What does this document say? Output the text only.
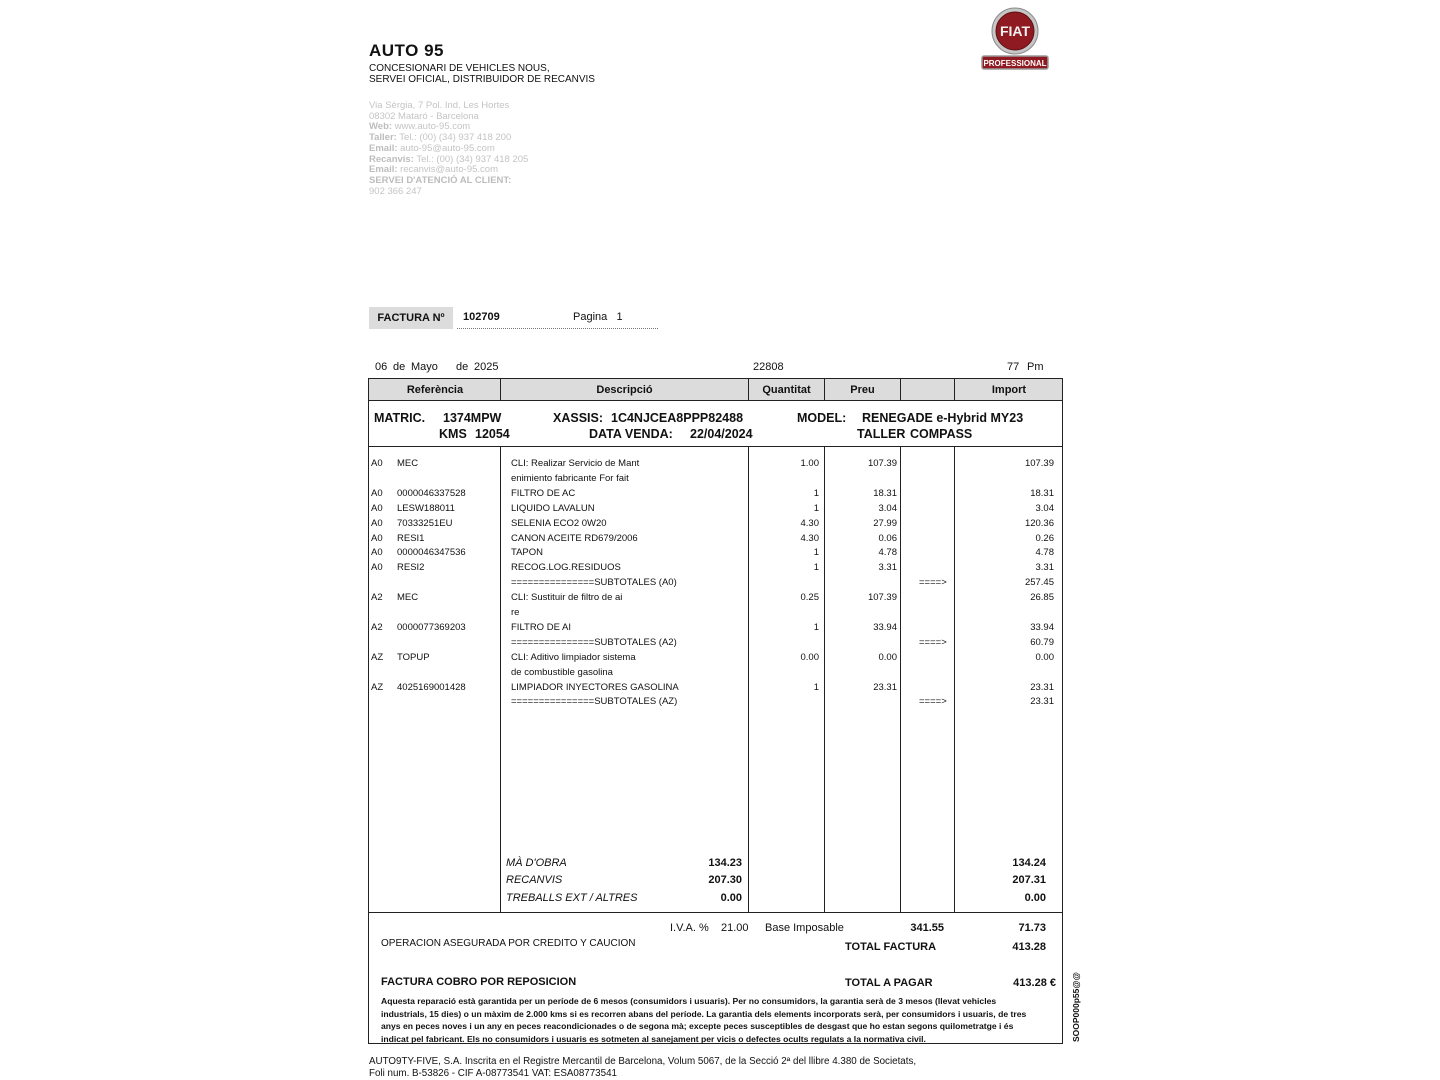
AUTO 95
CONCESIONARI DE VEHICLES NOUS,
SERVEI OFICIAL, DISTRIBUIDOR DE RECANVIS
Via Sèrgia, 7 Pol. Ind. Les Hortes
08302 Mataró - Barcelona
Web: www.auto-95.com
Taller: Tel.: (00) (34) 937 418 200
Email: auto-95@auto-95.com
Recanvis: Tel.: (00) (34) 937 418 205
Email: recanvis@auto-95.com
SERVEI D'ATENCIÓ AL CLIENT:
902 366 247
FIAT
PROFESSIONAL
FACTURA Nº	102709	Pagina 1
06 de Mayo de 2025	22808	77 Pm
Referència	Descripció	Quantitat	Preu	Import
MATRIC. 1374MPW	XASSIS: 1C4NJCEA8PPP82488	MODEL: RENEGADE e-Hybrid MY23
KMS 12054	DATA VENDA: 22/04/2024	TALLER COMPASS
A0 MEC	CLI: Realizar Servicio de Mant	1.00	107.39	107.39
enimiento fabricante For fait
A0 0000046337528	FILTRO DE AC	1	18.31	18.31
A0 LESW188011	LIQUIDO LAVALUN	1	3.04	3.04
A0 70333251EU	SELENIA ECO2 0W20	4.30	27.99	120.36
A0 RESI1	CANON ACEITE RD679/2006	4.30	0.06	0.26
A0 0000046347536	TAPON	1	4.78	4.78
A0 RESI2	RECOG.LOG.RESIDUOS	1	3.31	3.31
===============SUBTOTALES (A0)	====>	257.45
A2 MEC	CLI: Sustituir de filtro de ai	0.25	107.39	26.85
re
A2 0000077369203	FILTRO DE AI	1	33.94	33.94
===============SUBTOTALES (A2)	====>	60.79
AZ TOPUP	CLI: Aditivo limpiador sistema	0.00	0.00	0.00
de combustible gasolina
AZ 4025169001428	LIMPIADOR INYECTORES GASOLINA	1	23.31	23.31
===============SUBTOTALES (AZ)	====>	23.31
MÀ D'OBRA	134.23	134.24
RECANVIS	207.30	207.31
TREBALLS EXT / ALTRES	0.00	0.00
I.V.A. % 21.00 Base Imposable	341.55	71.73
OPERACION ASEGURADA POR CREDITO Y CAUCION	TOTAL FACTURA	413.28
FACTURA COBRO POR REPOSICION	TOTAL A PAGAR	413.28 €
Aquesta reparació està garantida per un període de 6 mesos (consumidors i usuaris). Per no consumidors, la garantia serà de 3 mesos (llevat vehicles industrials, 15 dies) o un màxim de 2.000 kms si es recorren abans del període. La garantia dels elements incorporats serà, per consumidors i usuaris, de tres anys en peces noves i un any en peces reacondicionades o de segona mà; excepte peces susceptibles de desgast que ho estan segons quilometratge i és indicat pel fabricant. Els no consumidors i usuaris es sotmeten al sanejament per vicis o defectes ocults regulats a la normativa civil.	SOOP000p55@@
AUTO9TY-FIVE, S.A. Inscrita en el Registre Mercantil de Barcelona, Volum 5067, de la Secció 2ª del llibre 4.380 de Societats,
Foli num. B-53826 - CIF A-08773541 VAT: ESA08773541
